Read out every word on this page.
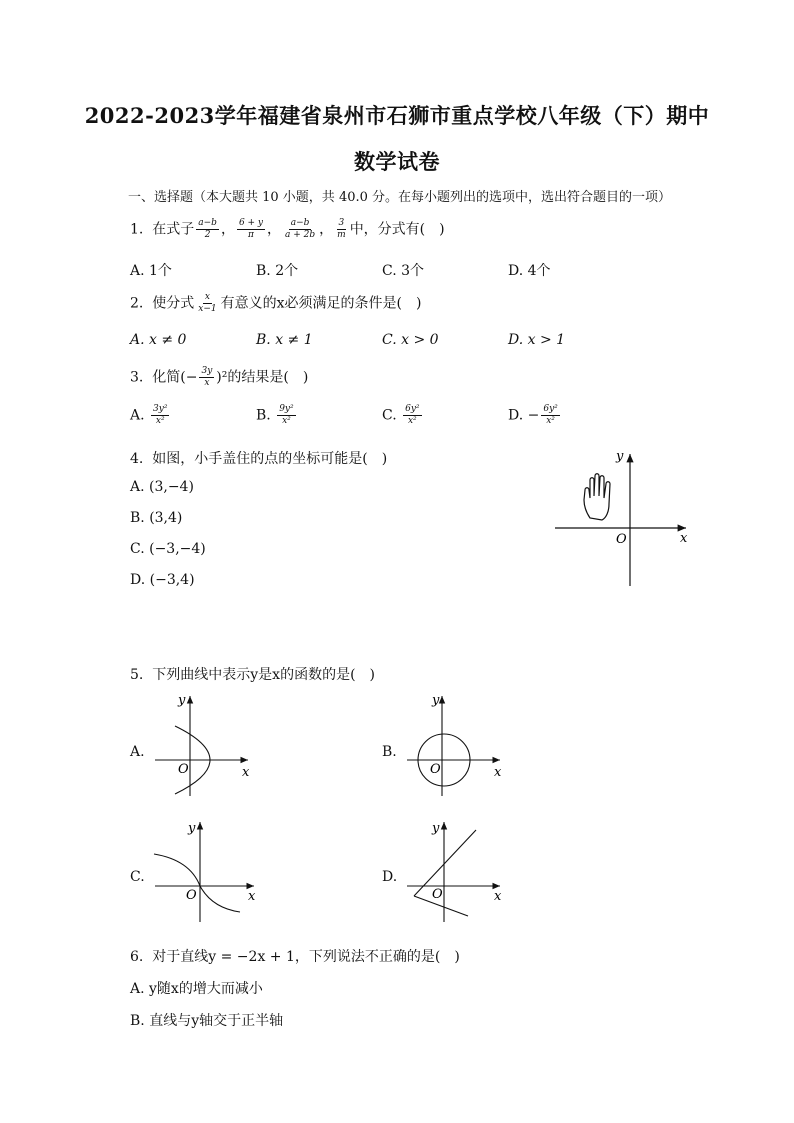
2022-2023学年福建省泉州市石狮市重点学校八年级（下）期中
数学试卷
一、选择题（本大题共 10 小题，共 40.0 分。在每小题列出的选项中，选出符合题目的一项）
1. 在式子 $\frac{a-b}{2}$ ， $\frac{6 + y}{\pi}$ ， $\frac{a-b}{a + 2b}$ ， $\frac{3}{m}$ 中，分式有(　)
A. 1个	B. 2个	C. 3个	D. 4个
2. 使分式 $\frac{x}{x-1}$ 有意义的x必须满足的条件是(　)
A. x ≠ 0	B. x ≠ 1	C. x > 0	D. x > 1
3. 化简(− $\frac{3y}{x} )^2$的结果是(　)
A. $\frac{\text{3y²}}{\text{x²}}$	B. $\frac{\text{9y²}}{\text{x²}}$	C. $\frac{\text{6y²}}{\text{x²}}$	D. − $\frac{\text{6y²}}{\text{x²}}$
4. 如图，小手盖住的点的坐标可能是(　)
A. (3,−4)
B. (3,4)
C. (−3,−4)
D. (−3,4)
y
x
O
5. 下列曲线中表示y是x的函数的是(　)
A.	B.
C.	D.
y
x
O
y
x
O
y
x
O
y
x
O
6. 对于直线y = −2x + 1，下列说法不正确的是(　)
A. y随x的增大而减小
B. 直线与y轴交于正半轴
